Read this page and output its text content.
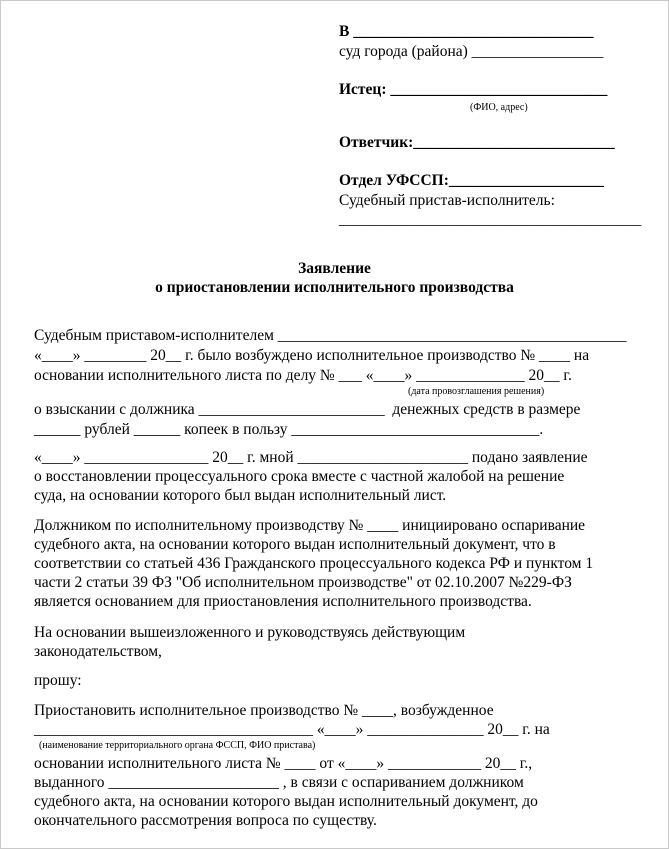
В _______________________________
суд города (района) _________________
Истец: ____________________________
(ФИО, адрес)
Ответчик:__________________________
Отдел УФССП:____________________
Судебный пристав-исполнитель:
_______________________________________
Заявление
о приостановлении исполнительного производства
Судебным приставом-исполнителем _____________________________________________
«____» ________ 20__ г. было возбуждено исполнительное производство № ____ на
основании исполнительного листа по делу № ___ «____» ______________ 20__ г.
(дата провозглашения решения)
о взыскании с должника ________________________  денежных средств в размере
______ рублей ______ копеек в пользу ________________________________.
«____» ________________ 20__ г. мной ______________________ подано заявление
о восстановлении процессуального срока вместе с частной жалобой на решение
суда, на основании которого был выдан исполнительный лист.
Должником по исполнительному производству № ____ инициировано оспаривание
судебного акта, на основании которого выдан исполнительный документ, что в
соответствии со статьей 436 Гражданского процессуального кодекса РФ и пунктом 1
части 2 статьи 39 ФЗ "Об исполнительном производстве" от 02.10.2007 №229-ФЗ
является основанием для приостановления исполнительного производства.
На основании вышеизложенного и руководствуясь действующим
законодательством,
прошу:
Приостановить исполнительное производство № ____, возбужденное
____________________________________ «____» _______________ 20__ г. на
(наименование территориального органа ФССП, ФИО пристава)
основании исполнительного листа № ____ от «____» ____________ 20__ г.,
выданного ______________________ , в связи с оспариванием должником
судебного акта, на основании которого выдан исполнительный документ, до
окончательного рассмотрения вопроса по существу.
